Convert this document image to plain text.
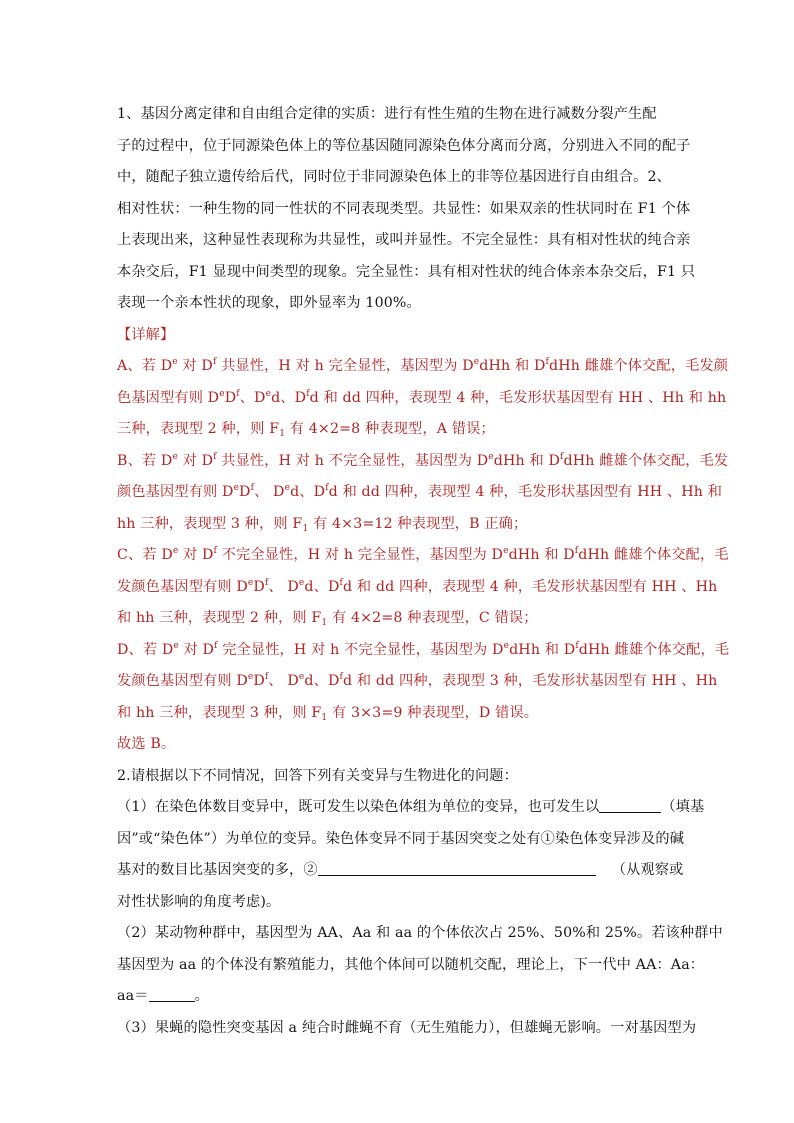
1、基因分离定律和自由组合定律的实质：进行有性生殖的生物在进行减数分裂产生配
子的过程中，位于同源染色体上的等位基因随同源染色体分离而分离，分别进入不同的配子
中，随配子独立遗传给后代，同时位于非同源染色体上的非等位基因进行自由组合。2、
相对性状：一种生物的同一性状的不同表现类型。共显性：如果双亲的性状同时在 F1 个体
上表现出来，这种显性表现称为共显性，或叫并显性。不完全显性：具有相对性状的纯合亲
本杂交后，F1 显现中间类型的现象。完全显性：具有相对性状的纯合体亲本杂交后，F1 只
表现一个亲本性状的现象，即外显率为 100%。
【详解】
A、若 De 对 $D^f$ 共显性，H 对 h 完全显性，基因型为 DedHh 和 $D^fdHh$ 雌雄个体交配，毛发颜
色基因型有则 $DeD^f$、Ded、$D^fd$ 和 dd 四种，表现型 4 种，毛发形状基因型有 HH 、Hh 和 hh
三种，表现型 2 种，则 $F_1$ 有 4×2=8 种表现型，A 错误；
B、若 De 对 $D^f$ 共显性，H 对 h 不完全显性，基因型为 DedHh 和 $D^fdHh$ 雌雄个体交配，毛发
颜色基因型有则 $DeD^f$、 Ded、$D^fd$ 和 dd 四种，表现型 4 种，毛发形状基因型有 HH 、Hh 和
hh 三种，表现型 3 种，则 $F_1$ 有 4×3=12 种表现型，B 正确；
C、若 De 对 $D^f$ 不完全显性，H 对 h 完全显性，基因型为 DedHh 和 $D^fdHh$ 雌雄个体交配，毛
发颜色基因型有则 $DeD^f$、 Ded、$D^fd$ 和 dd 四种，表现型 4 种，毛发形状基因型有 HH 、Hh
和 hh 三种，表现型 2 种，则 $F_1$ 有 4×2=8 种表现型，C 错误；
D、若 De 对 $D^f$ 完全显性，H 对 h 不完全显性，基因型为 DedHh 和 $D^fdHh$ 雌雄个体交配，毛
发颜色基因型有则 $DeD^f$、 Ded、$D^fd$ 和 dd 四种，表现型 3 种，毛发形状基因型有 HH 、Hh
和 hh 三种，表现型 3 种，则 $F_1$ 有 3×3=9 种表现型，D 错误。
故选 B。
2.请根据以下不同情况，回答下列有关变异与生物进化的问题：
（1）在染色体数目变异中，既可发生以染色体组为单位的变异，也可发生以	（填基
因”或“染色体”）为单位的变异。染色体变异不同于基因突变之处有①染色体变异涉及的碱
基对的数目比基因突变的多，②	（从观察或
对性状影响的角度考虑)。
（2）某动物种群中，基因型为 AA、Aa 和 aa 的个体依次占 25%、50%和 25%。若该种群中
基因型为 aa 的个体没有繁殖能力，其他个体间可以随机交配，理论上，下一代中 AA：Aa：
aa＝	。
（3）果蝇的隐性突变基因 a 纯合时雌蝇不育（无生殖能力），但雄蝇无影响。一对基因型为
